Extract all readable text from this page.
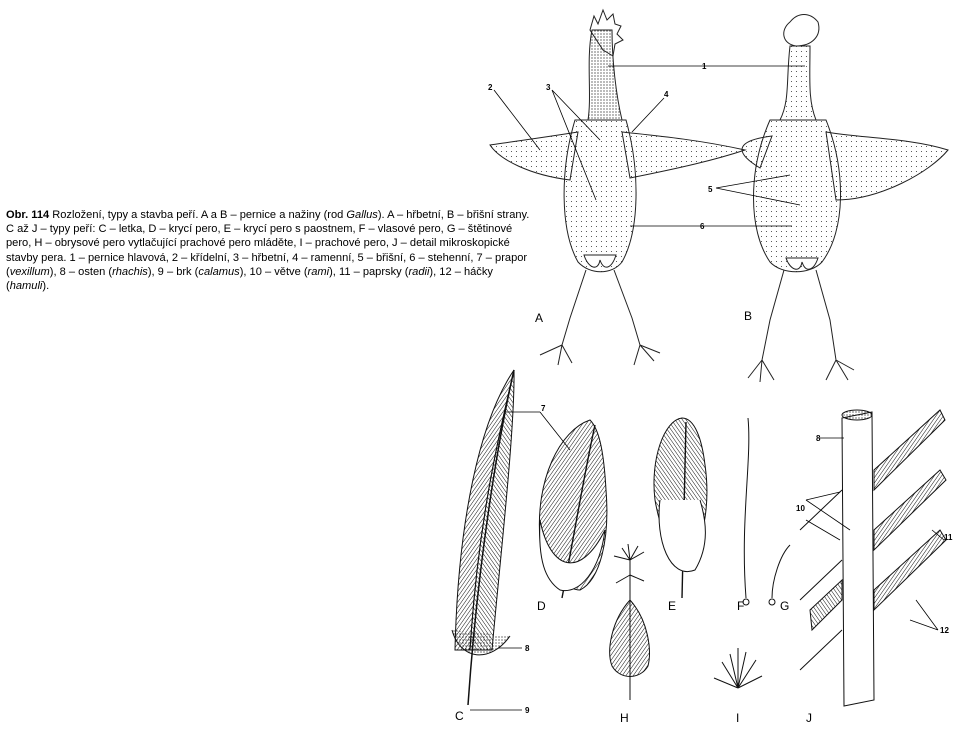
Obr. 114 Rozložení, typy a stavba peří. A a B – pernice a nažiny (rod Gallus). A – hřbetní, B – břišní strany. C až J – typy peří: C – letka, D – krycí pero, E – krycí pero s paostnem, F – vlasové pero, G – štětinové pero, H – obrysové pero vytlačující prachové pero mláděte, I – prachové pero, J – detail mikroskopické stavby pera. 1 – pernice hlavová, 2 – křídelní, 3 – hřbetní, 4 – ramenní, 5 – břišní, 6 – stehenní, 7 – prapor (vexillum), 8 – osten (rhachis), 9 – brk (calamus), 10 – větve (rami), 11 – paprsky (radii), 12 – háčky (hamuli).
A	B
C
D	E	F	G
H	I	J
1
2	3
4
5
6
7
8
8
9
10
11
12
